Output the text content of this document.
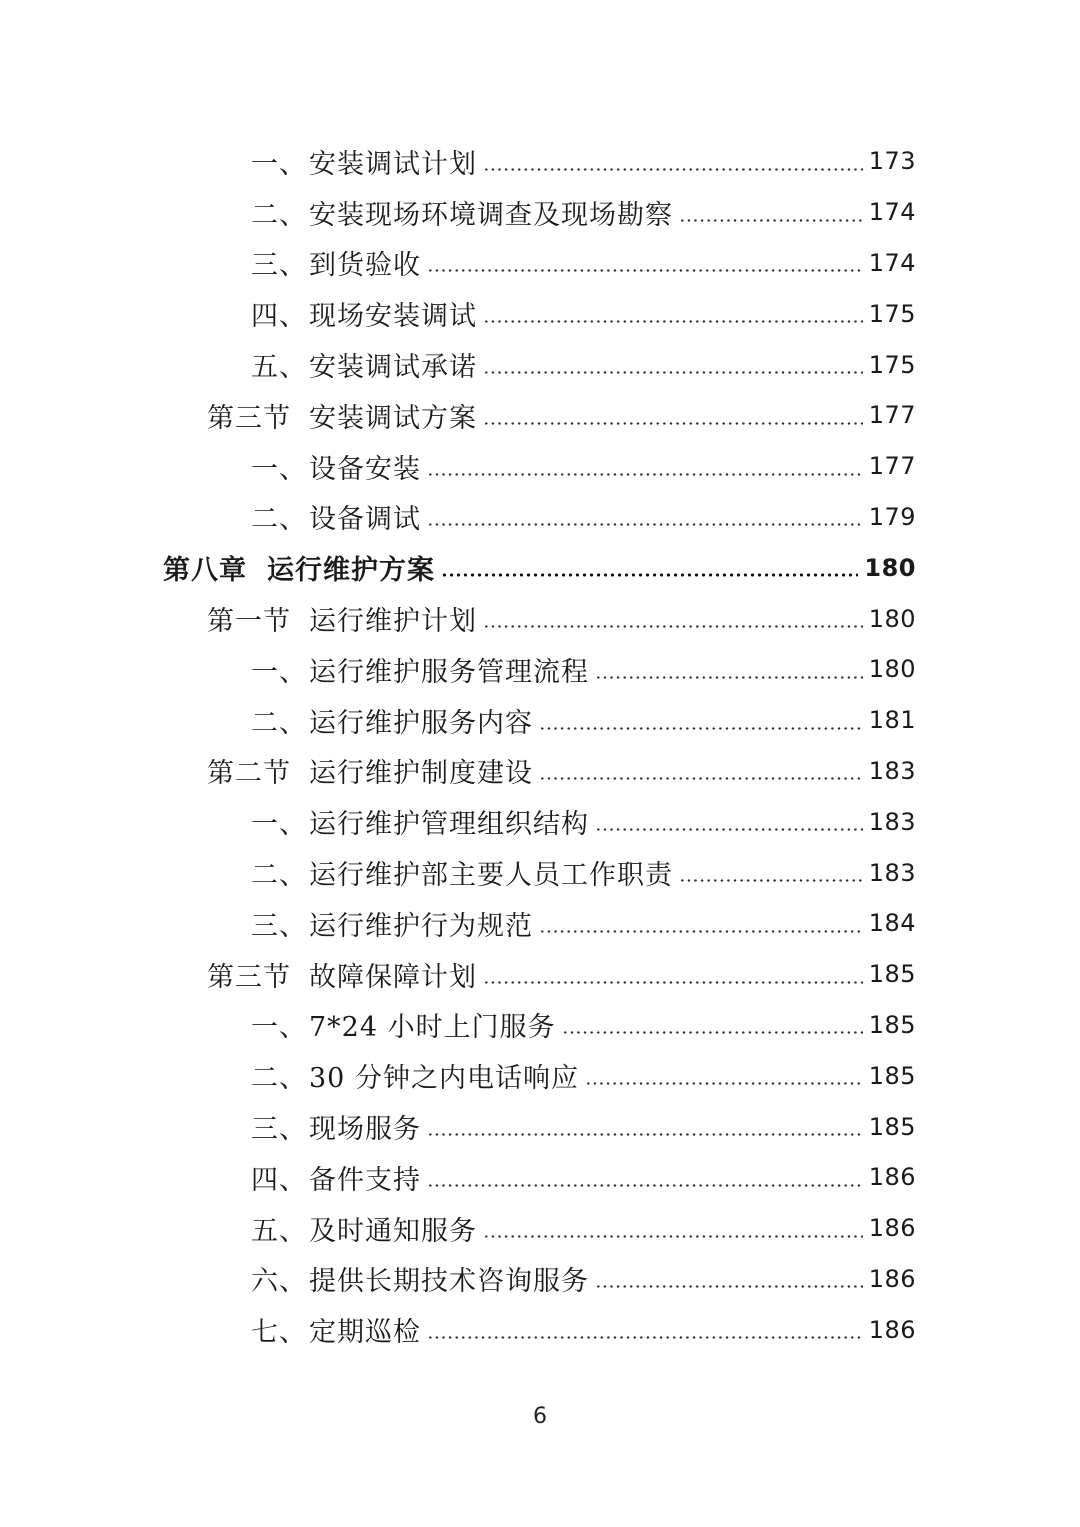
一、安装调试计划	173
二、安装现场环境调查及现场勘察	174
三、到货验收	174
四、现场安装调试	175
五、安装调试承诺	175
第三节 安装调试方案	177
一、设备安装	177
二、设备调试	179
第八章 运行维护方案	180
第一节 运行维护计划	180
一、运行维护服务管理流程	180
二、运行维护服务内容	181
第二节 运行维护制度建设	183
一、运行维护管理组织结构	183
二、运行维护部主要人员工作职责	183
三、运行维护行为规范	184
第三节 故障保障计划	185
一、7*24 小时上门服务	185
二、30 分钟之内电话响应	185
三、现场服务	185
四、备件支持	186
五、及时通知服务	186
六、提供长期技术咨询服务	186
七、定期巡检	186
6
